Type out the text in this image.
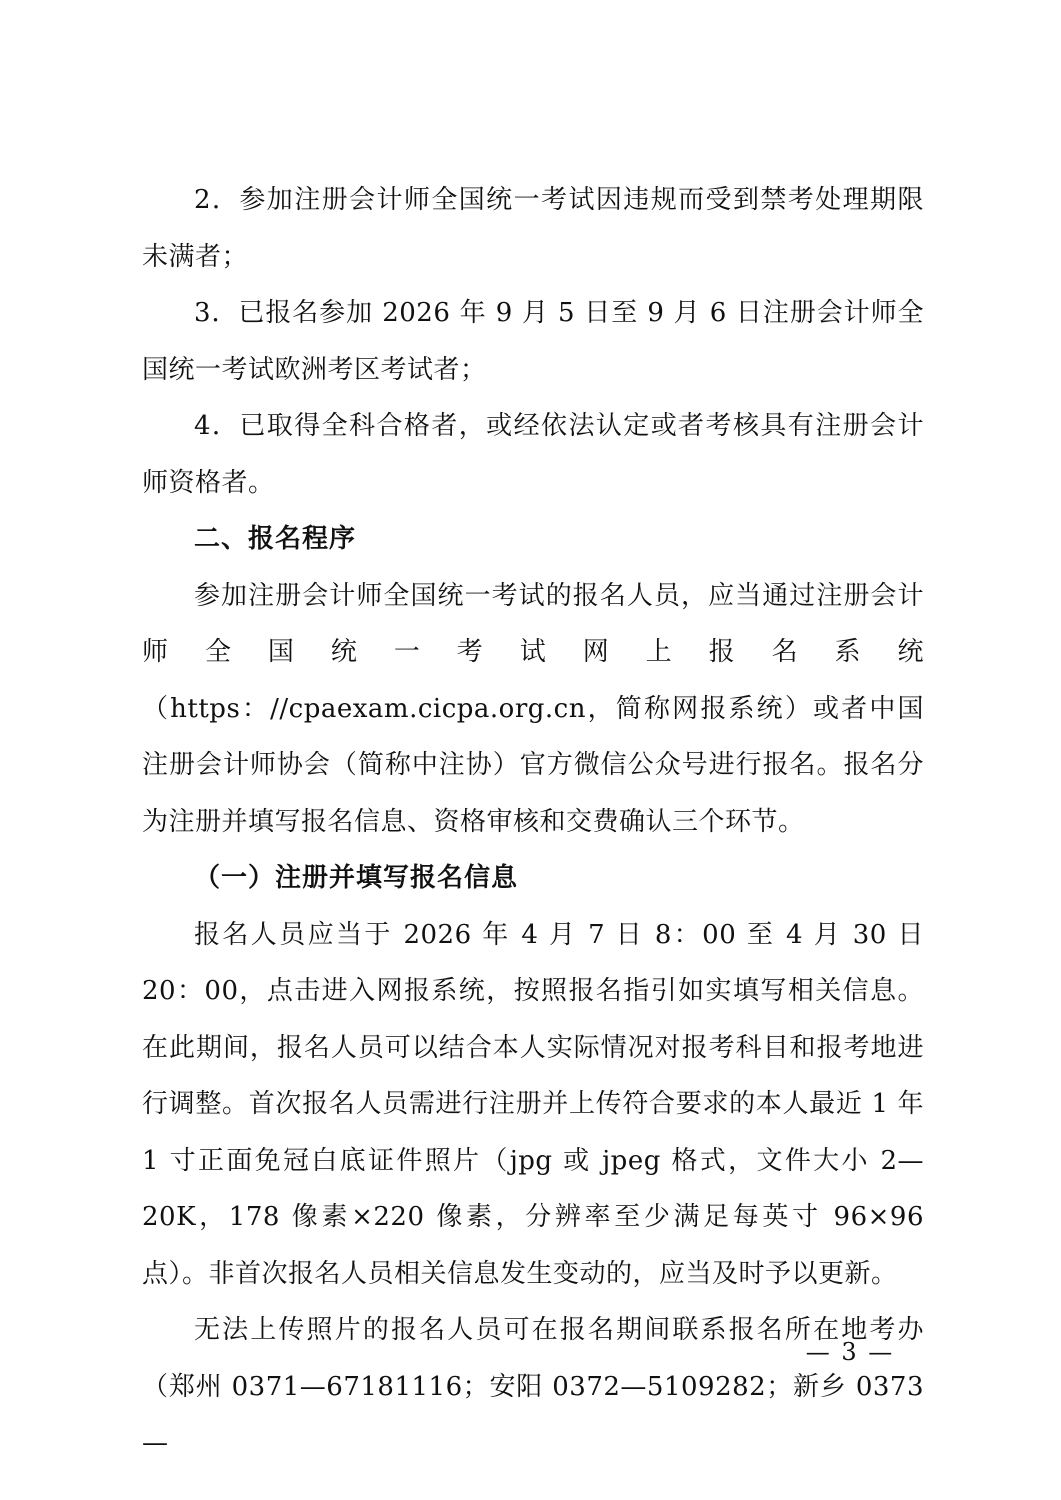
2．参加注册会计师全国统一考试因违规而受到禁考处理期限未满者；

3．已报名参加 2026 年 9 月 5 日至 9 月 6 日注册会计师全国统一考试欧洲考区考试者；

4．已取得全科合格者，或经依法认定或者考核具有注册会计师资格者。

二、报名程序

参加注册会计师全国统一考试的报名人员，应当通过注册会计师全国统一考试网上报名系统（https：//cpaexam.cicpa.org.cn，简称网报系统）或者中国注册会计师协会（简称中注协）官方微信公众号进行报名。报名分为注册并填写报名信息、资格审核和交费确认三个环节。

（一）注册并填写报名信息

报名人员应当于 2026 年 4 月 7 日 8：00 至 4 月 30 日 20：00，点击进入网报系统，按照报名指引如实填写相关信息。在此期间，报名人员可以结合本人实际情况对报考科目和报考地进行调整。首次报名人员需进行注册并上传符合要求的本人最近 1 年 1 寸正面免冠白底证件照片（jpg 或 jpeg 格式，文件大小 2—20K，178 像素×220 像素，分辨率至少满足每英寸 96×96 点）。非首次报名人员相关信息发生变动的，应当及时予以更新。

无法上传照片的报名人员可在报名期间联系报名所在地考办（郑州 0371—67181116；安阳 0372—5109282；新乡 0373—

— 3 —
